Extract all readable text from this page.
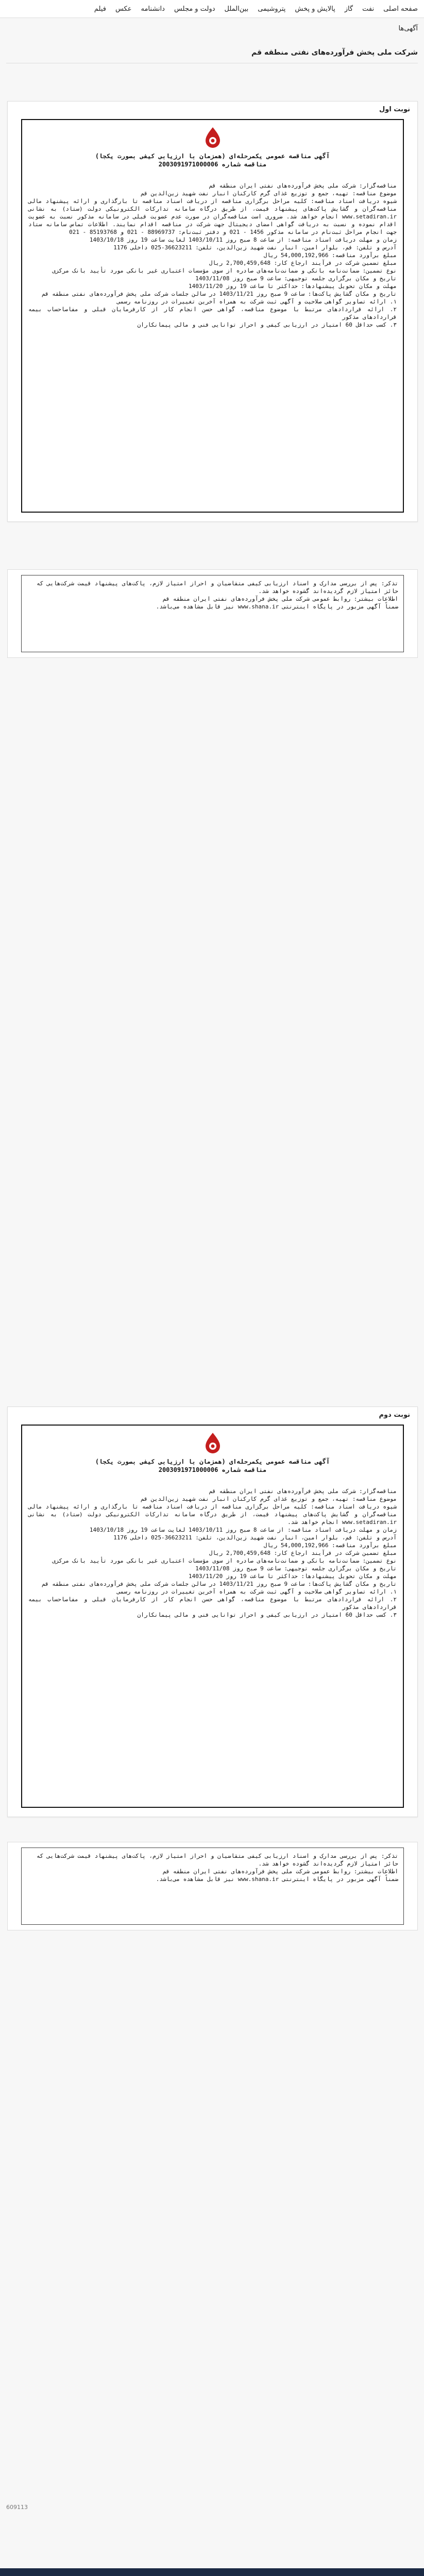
صفحه اصلی
نفت
گاز
پالایش و پخش
پتروشیمی
بین‌الملل
دولت و مجلس
دانشنامه
عکس
فیلم
آگهی‌ها
شرکت ملی پخش فرآورده‌های نفتی منطقه قم
نوبت اول
آگهی مناقصه عمومی یکمرحله‌ای (همزمان با ارزیابی کیفی بصورت یکجا)
مناقصه شماره 2003091971000006
مناقصه‌گزار: شرکت ملی پخش فرآورده‌های نفتی ایران منطقه قم
موضوع مناقصه: تهیه، جمع و توزیع غذای گرم کارکنان انبار نفت شهید زین‌الدین قم
شیوه دریافت اسناد مناقصه: کلیه مراحل برگزاری مناقصه از دریافت اسناد مناقصه تا بارگذاری و ارائه پیشنهاد مالی مناقصه‌گران و گشایش پاکت‌های پیشنهاد قیمت، از طریق درگاه سامانه تدارکات الکترونیکی دولت (ستاد) به نشانی www.setadiran.ir انجام خواهد شد. ضروری است مناقصه‌گران در صورت عدم عضویت قبلی در سامانه مذکور نسبت به عضویت اقدام نموده و نسبت به دریافت گواهی امضای دیجیتال جهت شرکت در مناقصه اقدام نمایند. اطلاعات تماس سامانه ستاد جهت انجام مراحل ثبت‌نام در سامانه مذکور 1456 - 021 و دفتر ثبت‌نام: 88969737 - 021 و 85193768 - 021
زمان و مهلت دریافت اسناد مناقصه: از ساعت 8 صبح روز 1403/10/11 لغایت ساعت 19 روز 1403/10/18
آدرس و تلفن: قم، بلوار امین، انبار نفت شهید زین‌الدین، تلفن: 36623211-025 داخلی 1176
مبلغ برآورد مناقصه: 54,000,192,966 ریال
مبلغ تضمین شرکت در فرآیند ارجاع کار: 2,700,459,648 ریال
نوع تضمین: ضمانت‌نامه بانکی و ضمانت‌نامه‌های صادره از سوی مؤسسات اعتباری غیر بانکی مورد تأیید بانک مرکزی
تاریخ و مکان برگزاری جلسه توجیهی: ساعت 9 صبح روز 1403/11/08
مهلت و مکان تحویل پیشنهادها: حداکثر تا ساعت 19 روز 1403/11/20
تاریخ و مکان گشایش پاکت‌ها: ساعت 9 صبح روز 1403/11/21 در سالن جلسات شرکت ملی پخش فرآورده‌های نفتی منطقه قم
۱. ارائه تصاویر گواهی صلاحیت و آگهی ثبت شرکت به همراه آخرین تغییرات در روزنامه رسمی
۲. ارائه قراردادهای مرتبط با موضوع مناقصه، گواهی حسن انجام کار از کارفرمایان قبلی و مفاصاحساب بیمه قراردادهای مذکور
۳. کسب حداقل 60 امتیاز در ارزیابی کیفی و احراز توانایی فنی و مالی پیمانکاران
تذکر: پس از بررسی مدارک و اسناد ارزیابی کیفی متقاضیان و احراز امتیاز لازم، پاکت‌های پیشنهاد قیمت شرکت‌هایی که حائز امتیاز لازم گردیده‌اند گشوده خواهد شد.
اطلاعات بیشتر: روابط عمومی شرکت ملی پخش فرآورده‌های نفتی ایران منطقه قم
ضمناً آگهی مزبور در پایگاه اینترنتی www.shana.ir نیز قابل مشاهده می‌باشد.
نوبت دوم
آگهی مناقصه عمومی یکمرحله‌ای (همزمان با ارزیابی کیفی بصورت یکجا)
مناقصه شماره 2003091971000006
مناقصه‌گزار: شرکت ملی پخش فرآورده‌های نفتی ایران منطقه قم
موضوع مناقصه: تهیه، جمع و توزیع غذای گرم کارکنان انبار نفت شهید زین‌الدین قم
شیوه دریافت اسناد مناقصه: کلیه مراحل برگزاری مناقصه از دریافت اسناد مناقصه تا بارگذاری و ارائه پیشنهاد مالی مناقصه‌گران و گشایش پاکت‌های پیشنهاد قیمت، از طریق درگاه سامانه تدارکات الکترونیکی دولت (ستاد) به نشانی www.setadiran.ir انجام خواهد شد.
زمان و مهلت دریافت اسناد مناقصه: از ساعت 8 صبح روز 1403/10/11 لغایت ساعت 19 روز 1403/10/18
آدرس و تلفن: قم، بلوار امین، انبار نفت شهید زین‌الدین، تلفن: 36623211-025 داخلی 1176
مبلغ برآورد مناقصه: 54,000,192,966 ریال
مبلغ تضمین شرکت در فرآیند ارجاع کار: 2,700,459,648 ریال
نوع تضمین: ضمانت‌نامه بانکی و ضمانت‌نامه‌های صادره از سوی مؤسسات اعتباری غیر بانکی مورد تأیید بانک مرکزی
تاریخ و مکان برگزاری جلسه توجیهی: ساعت 9 صبح روز 1403/11/08
مهلت و مکان تحویل پیشنهادها: حداکثر تا ساعت 19 روز 1403/11/20
تاریخ و مکان گشایش پاکت‌ها: ساعت 9 صبح روز 1403/11/21 در سالن جلسات شرکت ملی پخش فرآورده‌های نفتی منطقه قم
۱. ارائه تصاویر گواهی صلاحیت و آگهی ثبت شرکت به همراه آخرین تغییرات در روزنامه رسمی
۲. ارائه قراردادهای مرتبط با موضوع مناقصه، گواهی حسن انجام کار از کارفرمایان قبلی و مفاصاحساب بیمه قراردادهای مذکور
۳. کسب حداقل 60 امتیاز در ارزیابی کیفی و احراز توانایی فنی و مالی پیمانکاران
تذکر: پس از بررسی مدارک و اسناد ارزیابی کیفی متقاضیان و احراز امتیاز لازم، پاکت‌های پیشنهاد قیمت شرکت‌هایی که حائز امتیاز لازم گردیده‌اند گشوده خواهد شد.
اطلاعات بیشتر: روابط عمومی شرکت ملی پخش فرآورده‌های نفتی ایران منطقه قم
ضمناً آگهی مزبور در پایگاه اینترنتی www.shana.ir نیز قابل مشاهده می‌باشد.
609113
